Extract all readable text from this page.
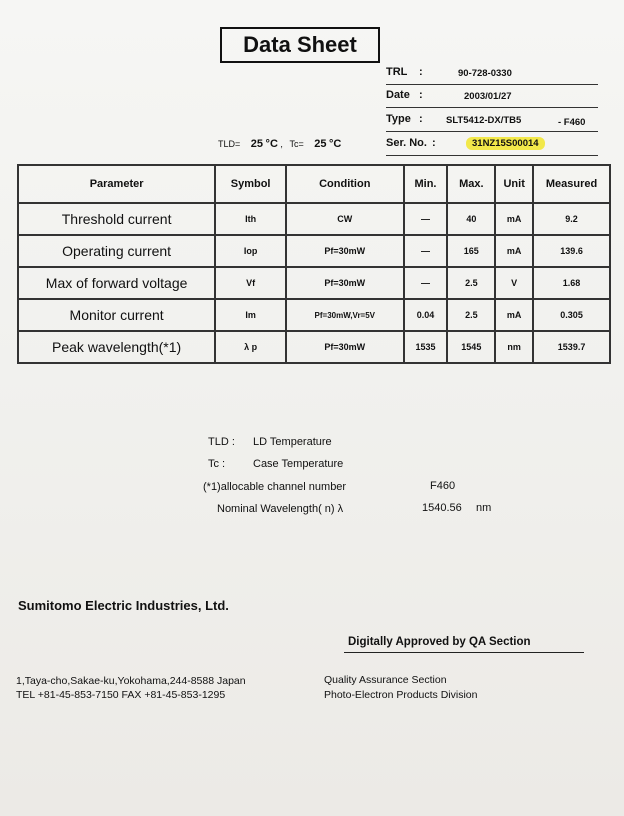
Data Sheet
TRL :	90-728-0330
Date :	2003/01/27
Type : SLT5412-DX/TB5	- F460
Ser. No. :	31NZ15S00014
TLD= 25 °C , Tc= 25 °C
Parameter	Symbol	Condition	Min.	Max.	Unit	Measured
Threshold current	Ith	CW	—	40	mA	9.2
Operating current	Iop	Pf=30mW	—	165	mA	139.6
Max of forward voltage	Vf	Pf=30mW	—	2.5	V	1.68
Monitor current	Im	Pf=30mW,Vr=5V	0.04	2.5	mA	0.305
Peak wavelength(*1)	λ p	Pf=30mW	1535	1545	nm	1539.7
TLD : LD Temperature
Tc :	Case Temperature
(*1)allocable channel number	F460
Nominal Wavelength( n) λ	1540.56 nm
Sumitomo Electric Industries, Ltd.
Digitally Approved by QA Section
1,Taya-cho,Sakae-ku,Yokohama,244-8588 Japan
TEL +81-45-853-7150 FAX +81-45-853-1295
Quality Assurance Section
Photo-Electron Products Division
